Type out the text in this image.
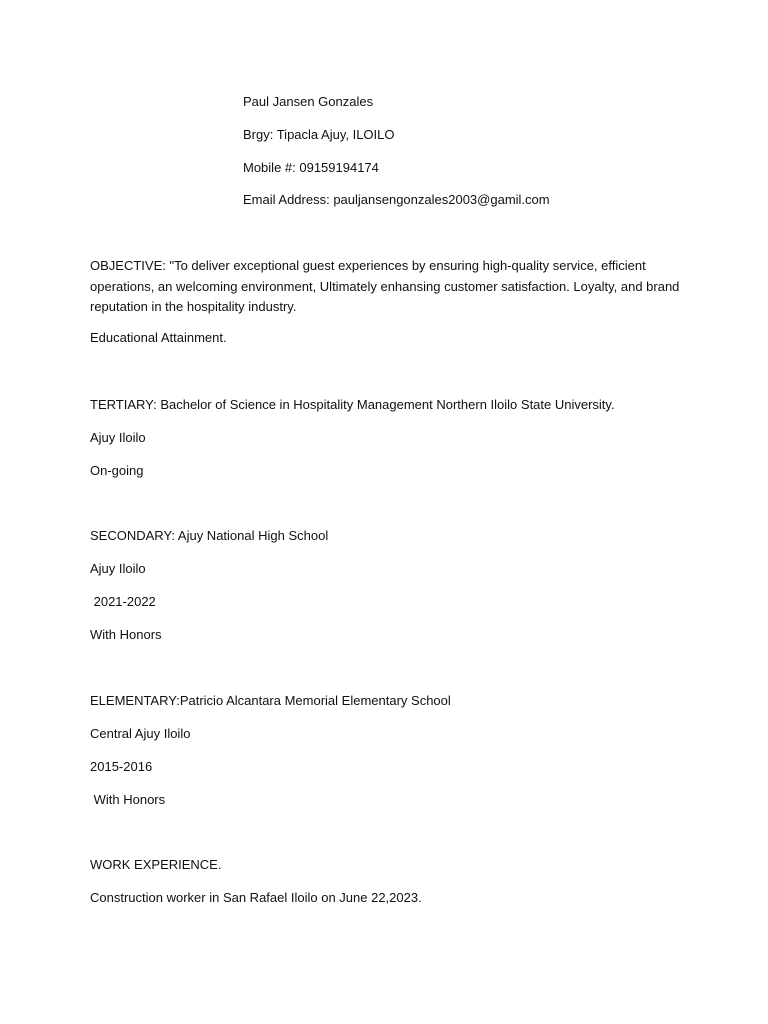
Paul Jansen Gonzales
Brgy: Tipacla Ajuy, ILOILO
Mobile #: 09159194174
Email Address: pauljansengonzales2003@gamil.com
OBJECTIVE: "To deliver exceptional guest experiences by ensuring high-quality service, efficient operations, an welcoming environment, Ultimately enhansing customer satisfaction. Loyalty, and brand reputation in the hospitality industry.
Educational Attainment.
TERTIARY: Bachelor of Science in Hospitality Management Northern Iloilo State University.
Ajuy Iloilo
On-going
SECONDARY: Ajuy National High School
Ajuy Iloilo
2021-2022
With Honors
ELEMENTARY:Patricio Alcantara Memorial Elementary School
Central Ajuy Iloilo
2015-2016
With Honors
WORK EXPERIENCE.
Construction worker in San Rafael Iloilo on June 22,2023.
